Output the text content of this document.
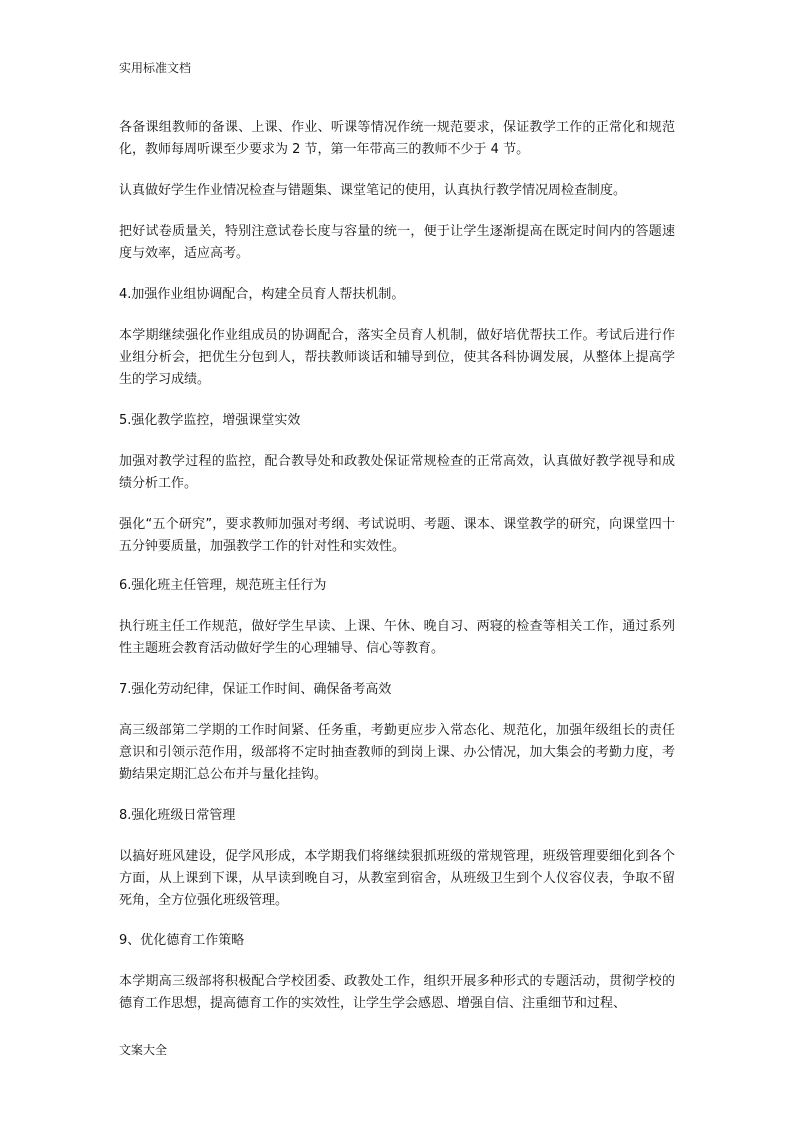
实用标准文档

各备课组教师的备课、上课、作业、听课等情况作统一规范要求，保证教学工作的正常化和规范化，教师每周听课至少要求为 2 节，第一年带高三的教师不少于 4 节。

认真做好学生作业情况检查与错题集、课堂笔记的使用，认真执行教学情况周检查制度。

把好试卷质量关，特别注意试卷长度与容量的统一，便于让学生逐渐提高在既定时间内的答题速度与效率，适应高考。

4.加强作业组协调配合，构建全员育人帮扶机制。

本学期继续强化作业组成员的协调配合，落实全员育人机制，做好培优帮扶工作。考试后进行作业组分析会，把优生分包到人，帮扶教师谈话和辅导到位，使其各科协调发展，从整体上提高学生的学习成绩。

5.强化教学监控，增强课堂实效

加强对教学过程的监控，配合教导处和政教处保证常规检查的正常高效，认真做好教学视导和成绩分析工作。

强化“五个研究”，要求教师加强对考纲、考试说明、考题、课本、课堂教学的研究，向课堂四十五分钟要质量，加强教学工作的针对性和实效性。

6.强化班主任管理，规范班主任行为

执行班主任工作规范，做好学生早读、上课、午休、晚自习、两寝的检查等相关工作，通过系列性主题班会教育活动做好学生的心理辅导、信心等教育。

7.强化劳动纪律，保证工作时间、确保备考高效

高三级部第二学期的工作时间紧、任务重，考勤更应步入常态化、规范化，加强年级组长的责任意识和引领示范作用，级部将不定时抽查教师的到岗上课、办公情况，加大集会的考勤力度，考勤结果定期汇总公布并与量化挂钩。

8.强化班级日常管理

以搞好班风建设，促学风形成，本学期我们将继续狠抓班级的常规管理，班级管理要细化到各个方面，从上课到下课，从早读到晚自习，从教室到宿舍，从班级卫生到个人仪容仪表，争取不留死角，全方位强化班级管理。

9、优化德育工作策略

本学期高三级部将积极配合学校团委、政教处工作，组织开展多种形式的专题活动，贯彻学校的德育工作思想，提高德育工作的实效性，让学生学会感恩、增强自信、注重细节和过程、

文案大全
